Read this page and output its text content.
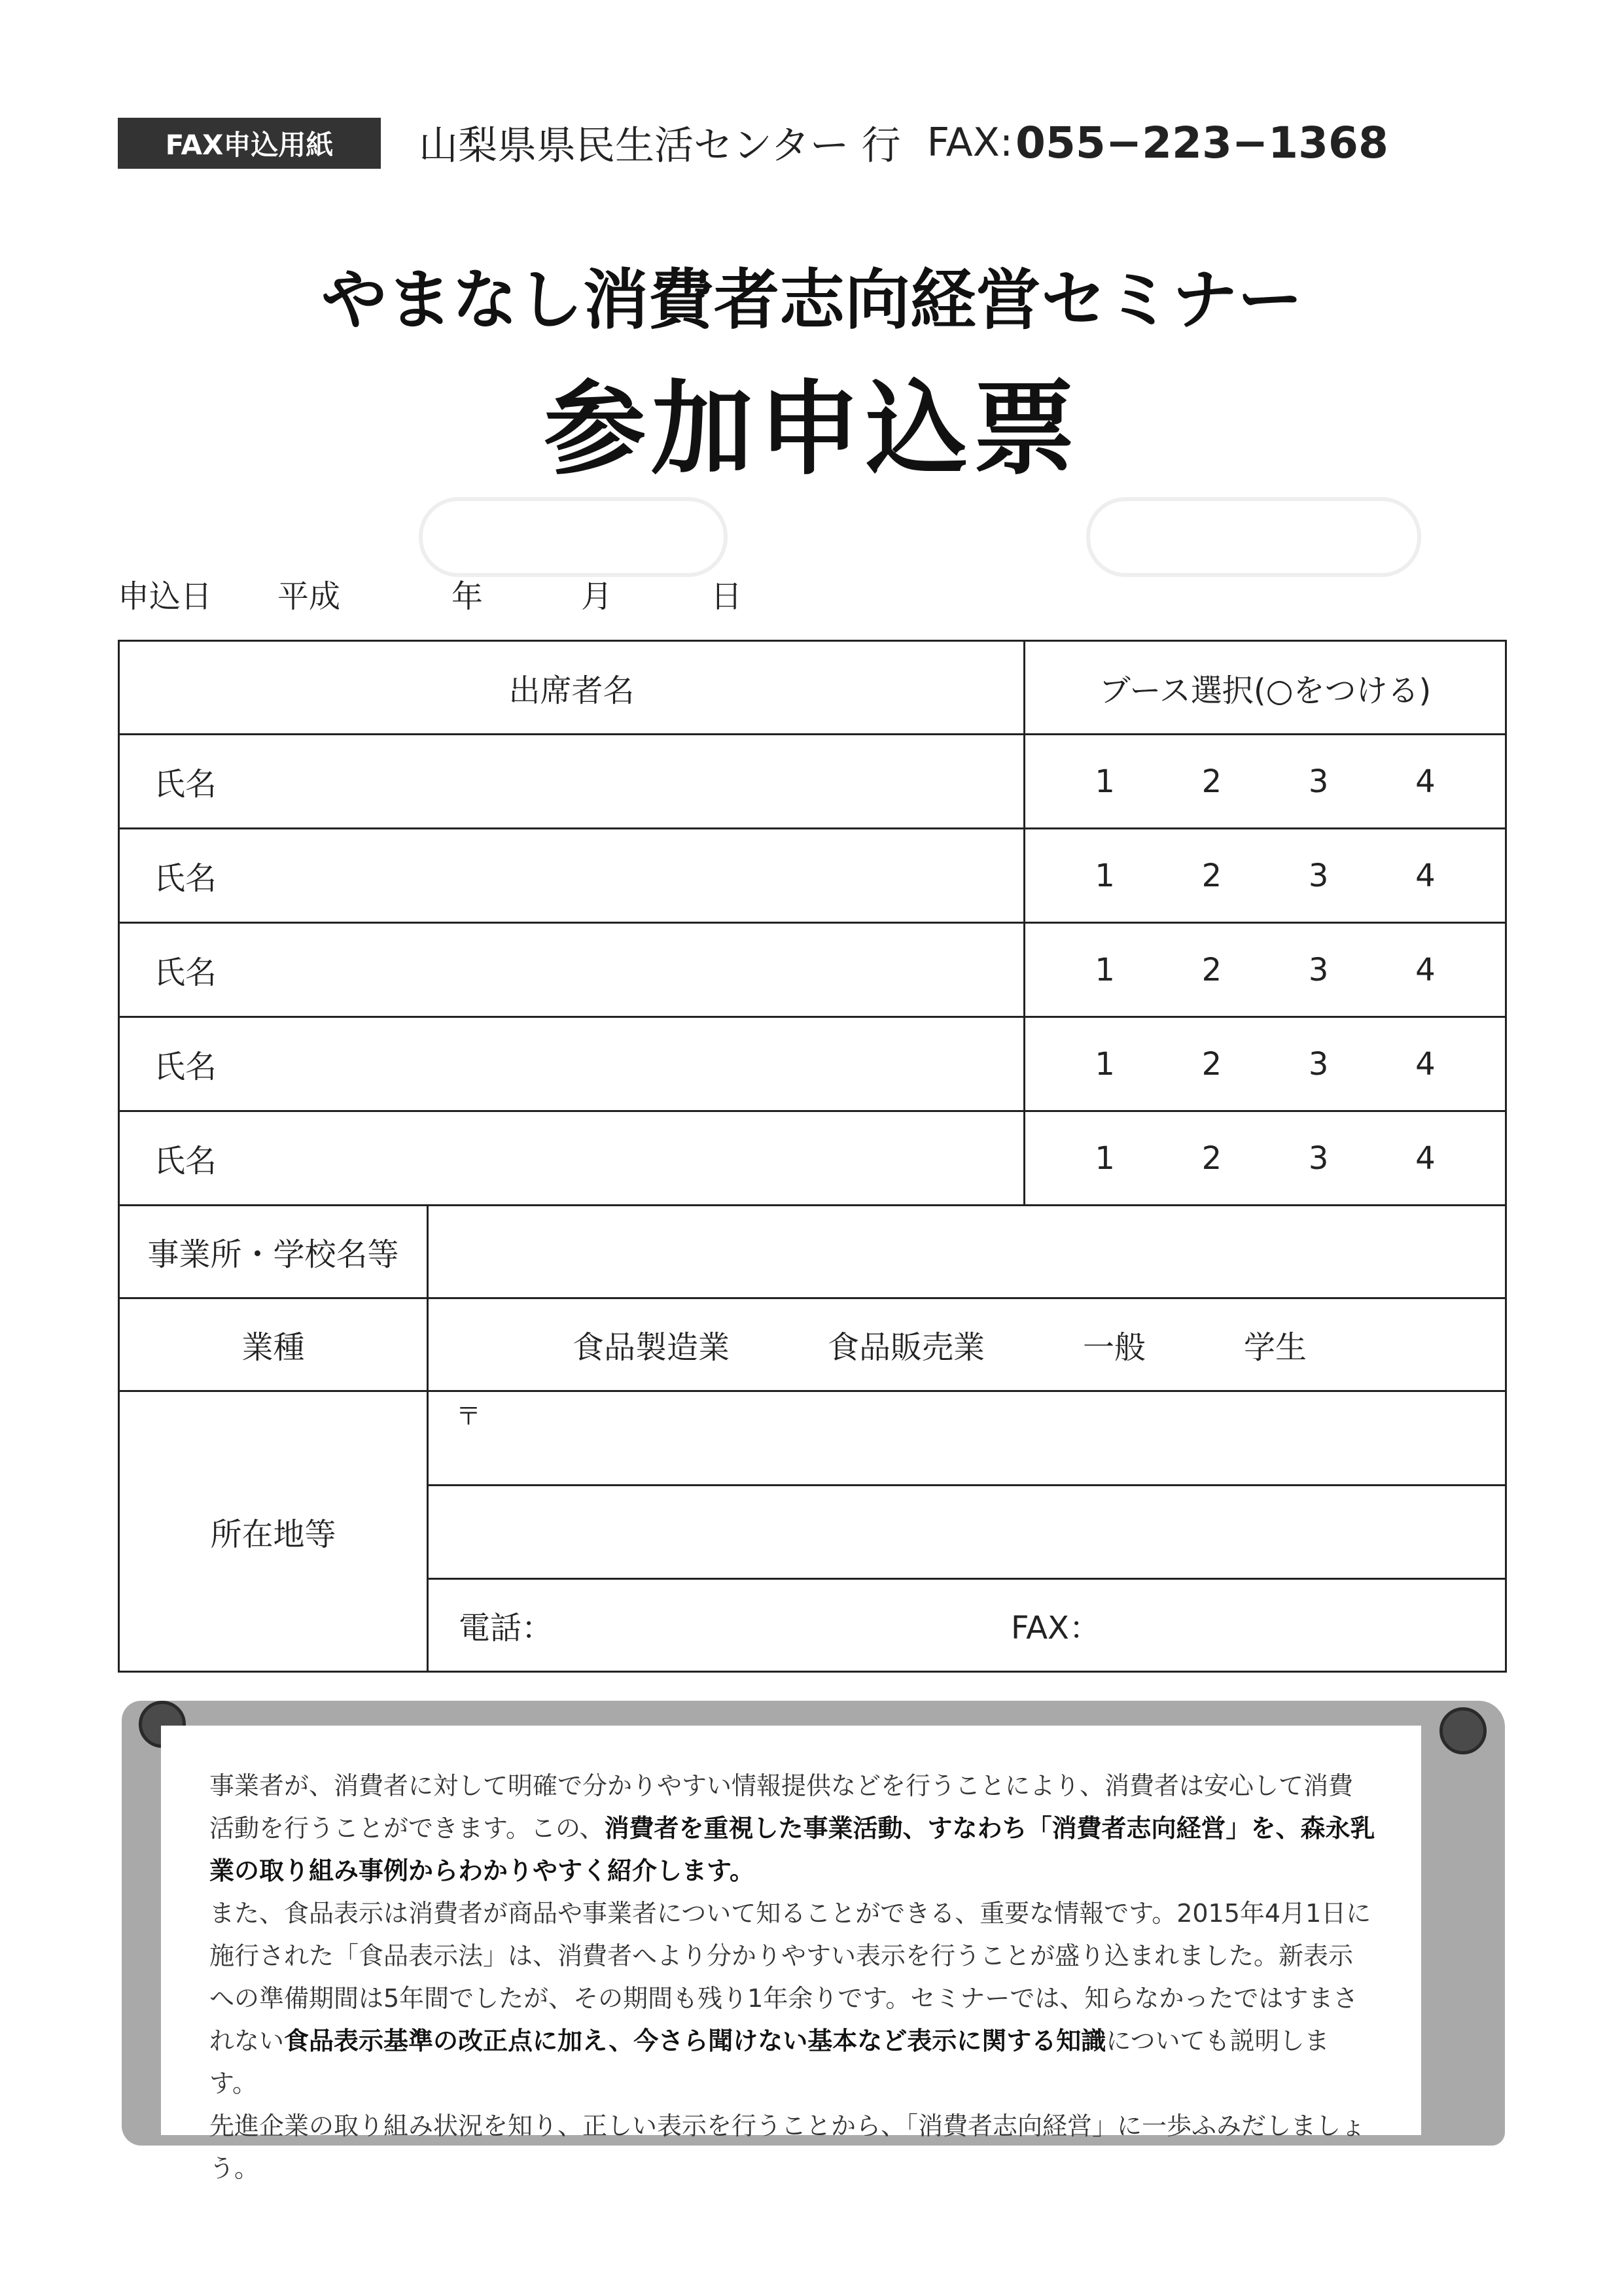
FAX申込用紙	山梨県県民生活センター 行 FAX: 055−223−1368
やまなし消費者志向経営セミナー
参加申込票
申込日 平成	年	月	日
出席者名		ブース選択(○をつける)
氏名		1 2 3 4

氏名		1 2 3 4

氏名		1 2 3 4

氏名		1 2 3 4

氏名		1 2 3 4

事業所・学校名等		
業種	食品製造業 食品販売業 一般 学生	

所在地等	〒	

	電話： FAX：	
事業者が、消費者に対して明確で分かりやすい情報提供などを行うことにより、消費者は安心して消費活動を行うことができます。この、消費者を重視した事業活動、すなわち「消費者志向経営」を、森永乳業の取り組み事例からわかりやすく紹介します。
また、食品表示は消費者が商品や事業者について知ることができる、重要な情報です。2015年4月1日に施行された「食品表示法」は、消費者へより分かりやすい表示を行うことが盛り込まれました。新表示への準備期間は5年間でしたが、その期間も残り1年余りです。セミナーでは、知らなかったではすまされない食品表示基準の改正点に加え、今さら聞けない基本など表示に関する知識についても説明します。
先進企業の取り組み状況を知り、正しい表示を行うことから、「消費者志向経営」に一歩ふみだしましょう。
